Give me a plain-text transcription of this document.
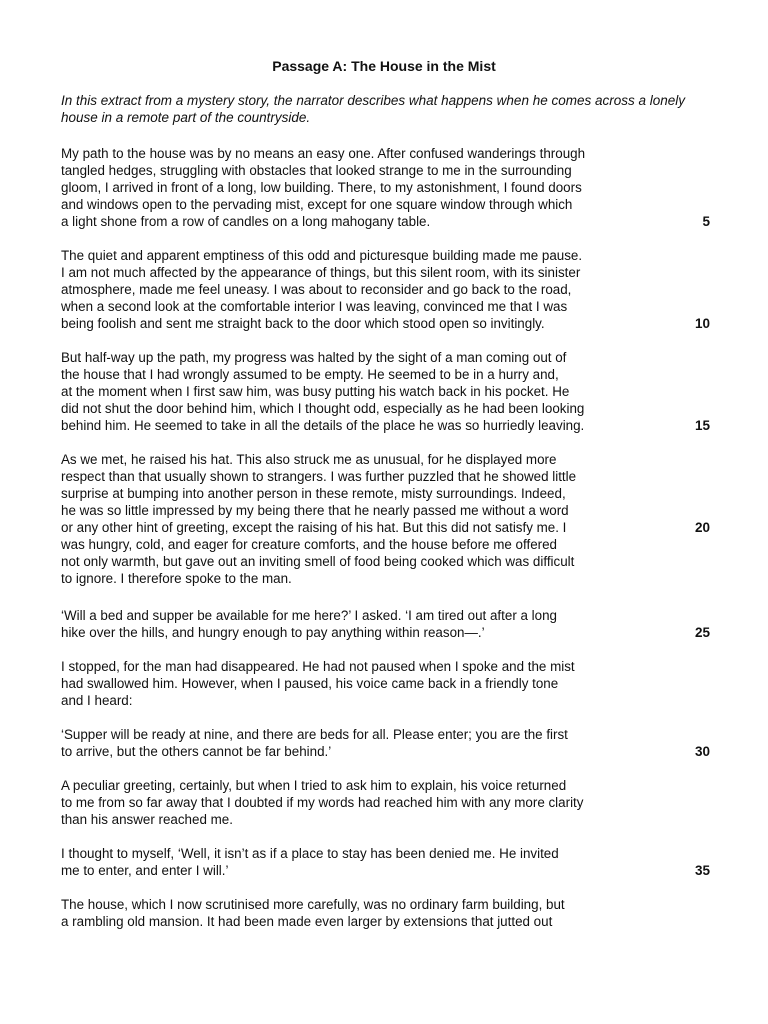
Passage A: The House in the Mist
In this extract from a mystery story, the narrator describes what happens when he comes across a lonely house in a remote part of the countryside.
My path to the house was by no means an easy one. After confused wanderings through
tangled hedges, struggling with obstacles that looked strange to me in the surrounding
gloom, I arrived in front of a long, low building. There, to my astonishment, I found doors
and windows open to the pervading mist, except for one square window through which
a light shone from a row of candles on a long mahogany table.
The quiet and apparent emptiness of this odd and picturesque building made me pause.
I am not much affected by the appearance of things, but this silent room, with its sinister
atmosphere, made me feel uneasy. I was about to reconsider and go back to the road,
when a second look at the comfortable interior I was leaving, convinced me that I was
being foolish and sent me straight back to the door which stood open so invitingly.
But half-way up the path, my progress was halted by the sight of a man coming out of
the house that I had wrongly assumed to be empty. He seemed to be in a hurry and,
at the moment when I first saw him, was busy putting his watch back in his pocket. He
did not shut the door behind him, which I thought odd, especially as he had been looking
behind him. He seemed to take in all the details of the place he was so hurriedly leaving.
As we met, he raised his hat. This also struck me as unusual, for he displayed more
respect than that usually shown to strangers. I was further puzzled that he showed little
surprise at bumping into another person in these remote, misty surroundings. Indeed,
he was so little impressed by my being there that he nearly passed me without a word
or any other hint of greeting, except the raising of his hat. But this did not satisfy me. I
was hungry, cold, and eager for creature comforts, and the house before me offered
not only warmth, but gave out an inviting smell of food being cooked which was difficult
to ignore. I therefore spoke to the man.
‘Will a bed and supper be available for me here?’ I asked. ‘I am tired out after a long
hike over the hills, and hungry enough to pay anything within reason—.’
I stopped, for the man had disappeared. He had not paused when I spoke and the mist
had swallowed him. However, when I paused, his voice came back in a friendly tone
and I heard:
‘Supper will be ready at nine, and there are beds for all. Please enter; you are the first
to arrive, but the others cannot be far behind.’
A peculiar greeting, certainly, but when I tried to ask him to explain, his voice returned
to me from so far away that I doubted if my words had reached him with any more clarity
than his answer reached me.
I thought to myself, ‘Well, it isn’t as if a place to stay has been denied me. He invited
me to enter, and enter I will.’
The house, which I now scrutinised more carefully, was no ordinary farm building, but
a rambling old mansion. It had been made even larger by extensions that jutted out
5
10
15
20
25
30
35
